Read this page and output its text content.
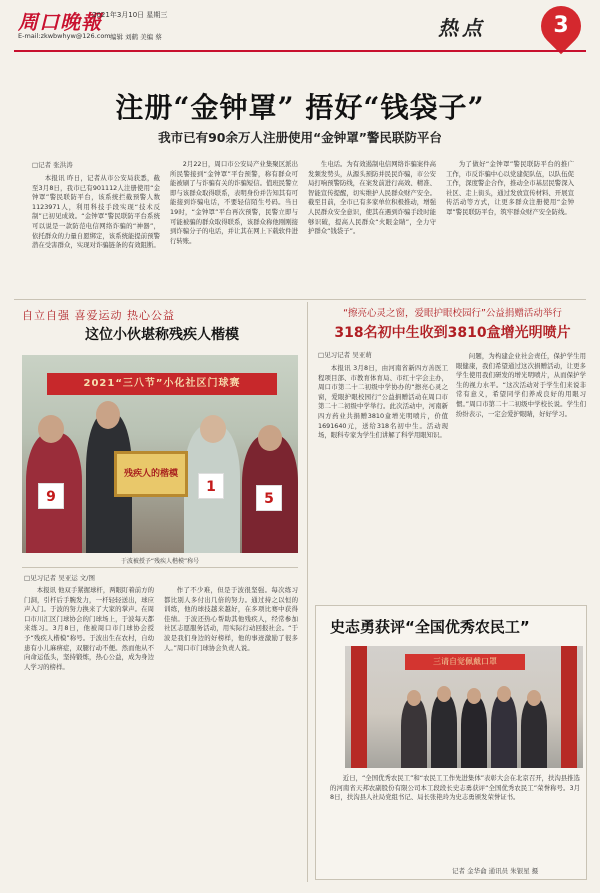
周口晚報
2021年3月10日 星期三
E-mail:zkwbwhyw@126.com 编辑 刘鹤 美编 蔡	热点	3
注册“金钟罩” 捂好“钱袋子”
我市已有90余万人注册使用“金钟罩”警民联防平台
□记者 张洪涛

本报讯 昨日，记者从市公安局获悉，截至3月8日，我市已有901112人注册使用“金钟罩”警民联防平台，该系统拦截预警人数1123971人，利用科技手段实现“技术反制”已初见成效。“金钟罩”警民联防平台系统可以说是一款防范电信网络诈骗的“神器”，依托群众的力量自愿绑定，该系统能提前预警潜在受害群众，实现对诈骗链条的有效阻断。

2月22日，周口市公安局产业集聚区派出所民警接到“金钟罩”平台预警，称有群众可能被刷了与诈骗有关的诈骗短信。值班民警立即与该群众取得联系，表明身份并告知其有可能接到诈骗电话，不要轻信陌生号码。当日19时，“金钟罩”平台再次预警，民警立即与可能被骗的群众取得联系，该群众称他刚刚接到诈骗分子的电话，并让其在网上下载软件进行转账。

生电话。为有效遏制电信网络诈骗案件高发频发势头，从源头预防并民民诈骗，市公安局打响预警防线，在案发前进行高效、精准、智能宣传提醒，切实维护人民群众财产安全。截至目前，全市已有多家单位积极推动，增强人民群众安全意识，使其在遇到诈骗手段时能够识破，提高人民群众“火眼金睛”，全力守护群众“钱袋子”。

为了做好“金钟罩”警民联防平台的推广工作，市反诈骗中心以党建促队伍，以队伍促工作，深度警企合作，推动全市基层民警深入社区、走上街头，通过发放宣传材料、开展宣传活动等方式，让更多群众注册使用“金钟罩”警民联防平台，筑牢群众财产安全防线。

自立自强 喜爱运动 热心公益
这位小伙堪称残疾人楷模
2021“三八节”小化社区门球赛
9
1
5
残疾人的楷模
于波被授予“残疾人楷模”称号
□见习记者 吴亚运 文/图

本报讯 他双手紧握球杆，两眼盯着前方的门洞，引杆后手腕发力，一杆轻轻送出，球应声入门。于波的努力换来了大家的掌声。在周口市川汇区门球协会的门球场上，于波每天都来练习。3月8日，他被周口市门球协会授予“残疾人楷模”称号。于波出生在农村，自幼患有小儿麻痹症，双腿行动不便。然而他从不向命运低头，坚持锻炼，热心公益，成为身边人学习的榜样。

作了不少难，但是于波很坚强。每次练习都比别人多付出几倍的努力。通过持之以恒的训练，他的球技越来越好，在多项比赛中获得佳绩。于波还热心帮助其他残疾人，经常参加社区志愿服务活动，用实际行动回报社会。“于波是我们身边的好榜样，他的事迹激励了很多人。”周口市门球协会负责人说。

“擦亮心灵之窗，爱眼护眼校园行”公益捐赠活动举行
318名初中生收到3810盒增光明喷片
□见习记者 吴亚萌

本报讯 3月8日，由河南省新四方善医工程项目部、市教育体育局、市红十字会主办，周口市第二十二初级中学协办的“擦亮心灵之窗，爱眼护眼校园行”公益捐赠活动在周口市第二十二初级中学举行。此次活动中，河南新四方药业共捐赠3810盒增光明喷片，价值1691640元，送给318名初中生。活动现场，眼科专家为学生们讲解了科学用眼知识。

问题，为构建企业社会责任，保护学生用眼健康，我们希望通过这次捐赠活动，让更多学生使用我们研发的增光明喷片，从而保护学生的视力水平。“这次活动对于学生们来说非常有意义，希望同学们养成良好的用眼习惯。”周口市第二十二初级中学校长说。学生们纷纷表示，一定会爱护眼睛，好好学习。

史志勇获评“全国优秀农民工”
三请自觉佩戴口罩

近日，“全国优秀农民工”和“农民工工作先进集体”表彰大会在北京召开，扶沟县推选的河南省天邦农副股份有限公司本工段段长史志勇获评“全国优秀农民工”荣誉称号。3月8日，扶沟县人社局党组书记、局长张艳玲为史志勇颁发荣誉证书。

记者 金华侖 通讯员 朱银星 摄
